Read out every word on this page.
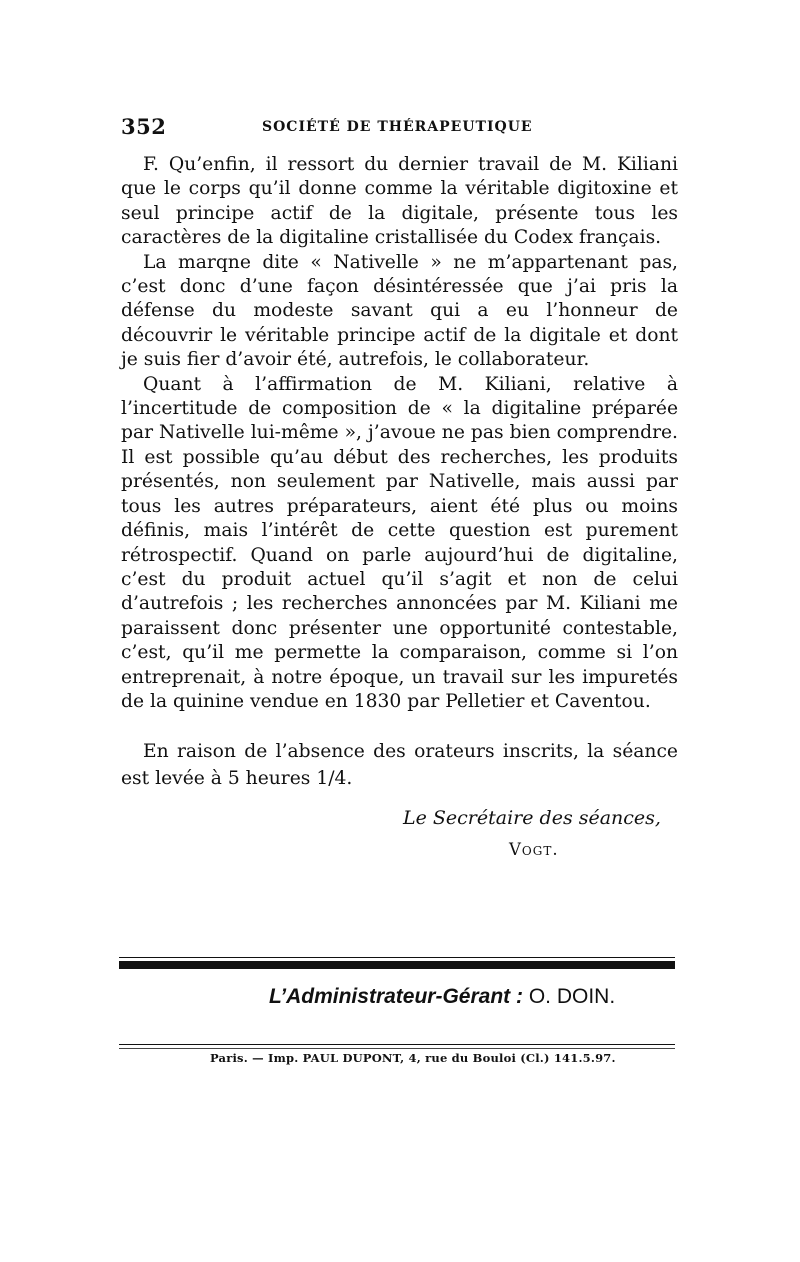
352	SOCIÉTÉ DE THÉRAPEUTIQUE

F. Qu’enfin, il ressort du dernier travail de M. Kiliani que le corps qu’il donne comme la véritable digitoxine et seul principe actif de la digitale, présente tous les caractères de la digitaline cristallisée du Codex français.

La marqne dite « Nativelle » ne m’appartenant pas, c’est donc d’une façon désintéressée que j’ai pris la défense du modeste savant qui a eu l’honneur de découvrir le véritable principe actif de la digitale et dont je suis fier d’avoir été, autrefois, le collaborateur.

Quant à l’affirmation de M. Kiliani, relative à l’incertitude de composition de « la digitaline préparée par Nativelle lui-même », j’avoue ne pas bien comprendre. Il est possible qu’au début des recherches, les produits présentés, non seulement par Nativelle, mais aussi par tous les autres préparateurs, aient été plus ou moins définis, mais l’intérêt de cette question est purement rétrospectif. Quand on parle aujourd’hui de digitaline, c’est du produit actuel qu’il s’agit et non de celui d’autrefois ; les recherches annoncées par M. Kiliani me paraissent donc présenter une opportunité contestable, c’est, qu’il me permette la comparaison, comme si l’on entreprenait, à notre époque, un travail sur les impuretés de la quinine vendue en 1830 par Pelletier et Caventou.

En raison de l’absence des orateurs inscrits, la séance est levée à 5 heures 1/4.

Le Secrétaire des séances,
Vogt.
L’Administrateur-Gérant : O. DOIN.
Paris. — Imp. PAUL DUPONT, 4, rue du Bouloi (Cl.) 141.5.97.
